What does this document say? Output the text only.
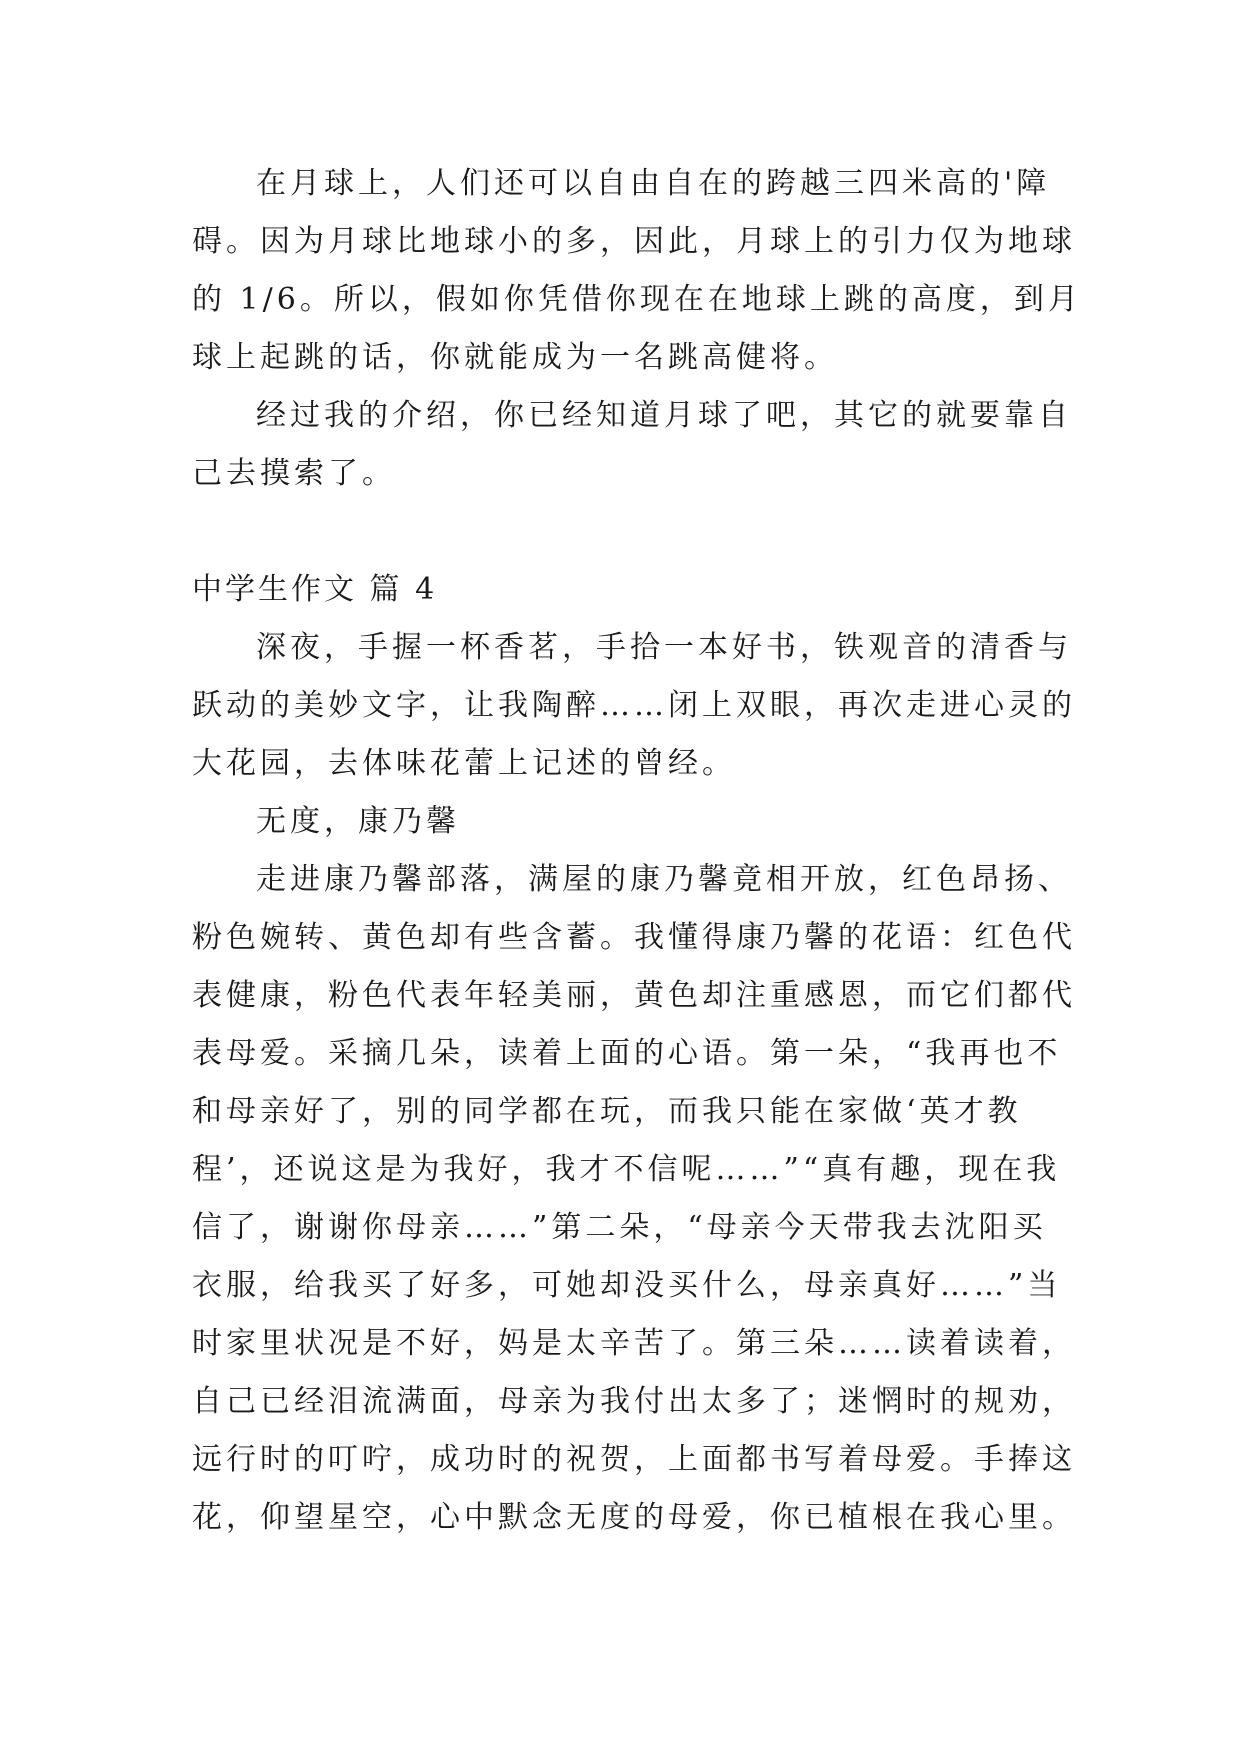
在月球上，人们还可以自由自在的跨越三四米高的'障
碍。因为月球比地球小的多，因此，月球上的引力仅为地球
的 1/6。所以，假如你凭借你现在在地球上跳的高度，到月
球上起跳的话，你就能成为一名跳高健将。
经过我的介绍，你已经知道月球了吧，其它的就要靠自
己去摸索了。
中学生作文 篇 4
深夜，手握一杯香茗，手拾一本好书，铁观音的清香与
跃动的美妙文字，让我陶醉……闭上双眼，再次走进心灵的
大花园，去体味花蕾上记述的曾经。
无度，康乃馨
走进康乃馨部落，满屋的康乃馨竟相开放，红色昂扬、
粉色婉转、黄色却有些含蓄。我懂得康乃馨的花语：红色代
表健康，粉色代表年轻美丽，黄色却注重感恩，而它们都代
表母爱。采摘几朵，读着上面的心语。第一朵，“我再也不
和母亲好了，别的同学都在玩，而我只能在家做‘英才教
程’，还说这是为我好，我才不信呢……”“真有趣，现在我
信了，谢谢你母亲……”第二朵，“母亲今天带我去沈阳买
衣服，给我买了好多，可她却没买什么，母亲真好……”当
时家里状况是不好，妈是太辛苦了。第三朵……读着读着，
自己已经泪流满面，母亲为我付出太多了；迷惘时的规劝，
远行时的叮咛，成功时的祝贺，上面都书写着母爱。手捧这
花，仰望星空，心中默念无度的母爱，你已植根在我心里。
